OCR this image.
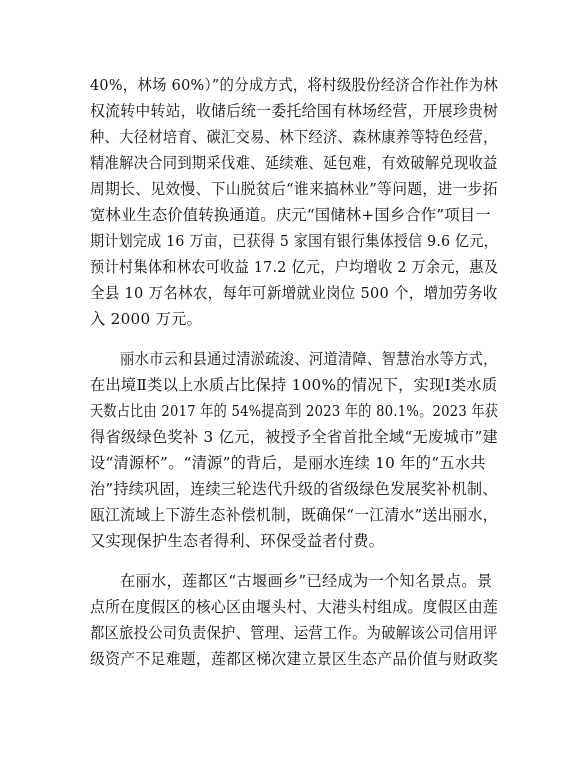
40%，林场 60%）”的分成方式，将村级股份经济合作社作为林
权流转中转站，收储后统一委托给国有林场经营，开展珍贵树
种、大径材培育、碳汇交易、林下经济、森林康养等特色经营，
精准解决合同到期采伐难、延续难、延包难，有效破解兑现收益
周期长、见效慢、下山脱贫后“谁来搞林业”等问题，进一步拓
宽林业生态价值转换通道。庆元“国储林+国乡合作”项目一
期计划完成 16 万亩，已获得 5 家国有银行集体授信 9.6 亿元，
预计村集体和林农可收益 17.2 亿元，户均增收 2 万余元，惠及
全县 10 万名林农，每年可新增就业岗位 500 个，增加劳务收
入 2000 万元。
丽水市云和县通过清淤疏浚、河道清障、智慧治水等方式，
在出境Ⅱ类以上水质占比保持 100%的情况下，实现Ⅰ类水质
天数占比由 2017 年的 54%提高到 2023 年的 80.1%。2023 年获
得省级绿色奖补 3 亿元，被授予全省首批全域“无废城市”建
设“清源杯”。“清源”的背后，是丽水连续 10 年的“五水共
治”持续巩固，连续三轮迭代升级的省级绿色发展奖补机制、
瓯江流域上下游生态补偿机制，既确保“一江清水”送出丽水，
又实现保护生态者得利、环保受益者付费。
在丽水，莲都区“古堰画乡”已经成为一个知名景点。景
点所在度假区的核心区由堰头村、大港头村组成。度假区由莲
都区旅投公司负责保护、管理、运营工作。为破解该公司信用评
级资产不足难题，莲都区梯次建立景区生态产品价值与财政奖
